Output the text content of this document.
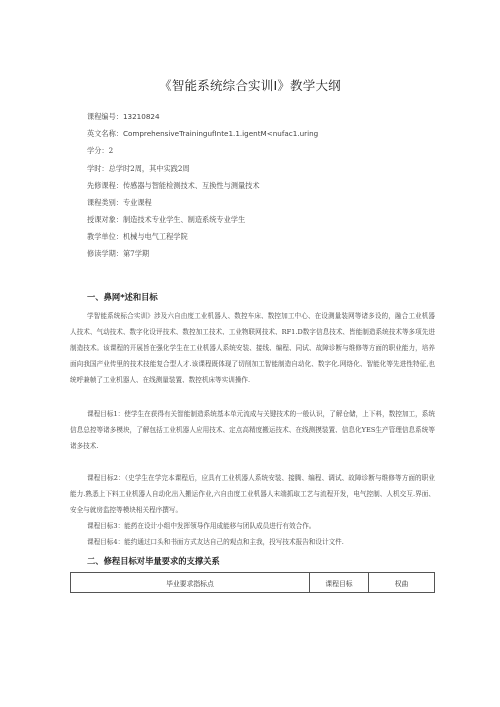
《智能系统综合实训Ⅰ》教学大纲
课程编号：13210824
英文名称：ComprehensiveTrainingufInte1.1.igentM<nufac1.uring
学分：2
学时：总学时2周，其中实践2周
先修课程：传感器与智能检测技术、互换性与测量技术
课程类别：专业课程
授课对象：制造技术专业学生、制造系统专业学生
教学单位：机械与电气工程学院
修读学期：第7学期
一、鼻网*述和目标
学智能系统标合实训》涉及六自由度工业机器人、数控车床、数控加工中心、在设测量装网等诸多设的，融合工业机器人技术、气动技术、数字化设评技术、数控加工技术、工业物联网技术、RF1.D数字信息技术、皆能制造系统技术等多项先进制造技术。该课程的开展旨在强化学生在工业机器人系统安装、接线、编程、同试、故障诊断与维修等方面的职业能力，培养面向我国产业传里的技术技能复合型人才.该课程既体现了切削加工智能制造自动化、数字化.网络化、智能化等先进性特征,也统呼兼帧了工业机器人、在线测量装置、数控机床等实训操作.
课程目标1：使学生在获得有关智能制造系统基本单元流成与关键技术的一般认识，了解仓储，上下料，数控加工，系统信息总控等诸多模块，了解包括工业机器人应用技术、定点高精度搬运技术、在线测摸装置、信息化YES生产管理信息系统等诸多技术.
课程目标2：（史学生在学完本课程后，应具有工业机器人系统安装、接腾、编程、调试、故障诊断与维修等方面的职业能力.熟悉上下料工业机器人自动化出入搬运作业,六自由度工业机器人末端抓取工艺与流程开发，电气控制、人机交互.界面、安全与就房监控等模块相关程序撰写。
课程目标3：能药在设计小组中发挥领导作用成能移与团队成员进行有效合作。
课程目标4：能约通过口头和书面方式友达自己的观点和主我，投写技术报告和设计文件.
二、修程目标对毕量要求的支撑关系
毕业要求指标点	课程目标	权曲
